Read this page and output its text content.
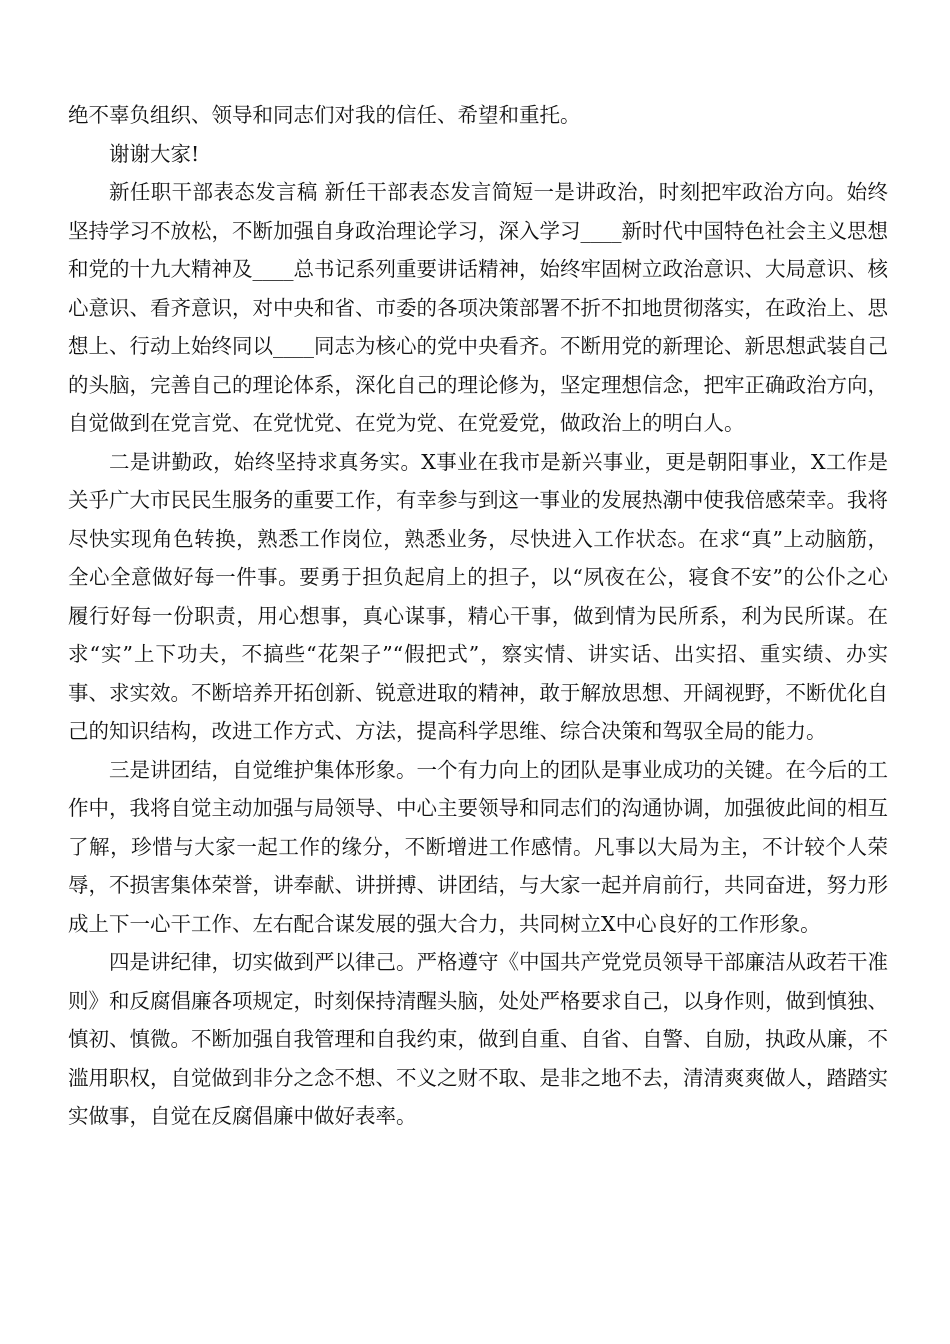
绝不辜负组织、领导和同志们对我的信任、希望和重托。

谢谢大家!

新任职干部表态发言稿 新任干部表态发言简短一是讲政治，时刻把牢政治方向。始终坚持学习不放松，不断加强自身政治理论学习，深入学习____新时代中国特色社会主义思想和党的十九大精神及____总书记系列重要讲话精神，始终牢固树立政治意识、大局意识、核心意识、看齐意识，对中央和省、市委的各项决策部署不折不扣地贯彻落实，在政治上、思想上、行动上始终同以____同志为核心的党中央看齐。不断用党的新理论、新思想武装自己的头脑，完善自己的理论体系，深化自己的理论修为，坚定理想信念，把牢正确政治方向，自觉做到在党言党、在党忧党、在党为党、在党爱党，做政治上的明白人。

二是讲勤政，始终坚持求真务实。X事业在我市是新兴事业，更是朝阳事业，X工作是关乎广大市民民生服务的重要工作，有幸参与到这一事业的发展热潮中使我倍感荣幸。我将尽快实现角色转换，熟悉工作岗位，熟悉业务，尽快进入工作状态。在求“真”上动脑筋，全心全意做好每一件事。要勇于担负起肩上的担子，以“夙夜在公，寝食不安”的公仆之心履行好每一份职责，用心想事，真心谋事，精心干事，做到情为民所系，利为民所谋。在求“实”上下功夫，不搞些“花架子”“假把式”，察实情、讲实话、出实招、重实绩、办实事、求实效。不断培养开拓创新、锐意进取的精神，敢于解放思想、开阔视野，不断优化自己的知识结构，改进工作方式、方法，提高科学思维、综合决策和驾驭全局的能力。

三是讲团结，自觉维护集体形象。一个有力向上的团队是事业成功的关键。在今后的工作中，我将自觉主动加强与局领导、中心主要领导和同志们的沟通协调，加强彼此间的相互了解，珍惜与大家一起工作的缘分，不断增进工作感情。凡事以大局为主，不计较个人荣辱，不损害集体荣誉，讲奉献、讲拼搏、讲团结，与大家一起并肩前行，共同奋进，努力形成上下一心干工作、左右配合谋发展的强大合力，共同树立X中心良好的工作形象。

四是讲纪律，切实做到严以律己。严格遵守《中国共产党党员领导干部廉洁从政若干准则》和反腐倡廉各项规定，时刻保持清醒头脑，处处严格要求自己，以身作则，做到慎独、慎初、慎微。不断加强自我管理和自我约束，做到自重、自省、自警、自励，执政从廉，不滥用职权，自觉做到非分之念不想、不义之财不取、是非之地不去，清清爽爽做人，踏踏实实做事，自觉在反腐倡廉中做好表率。
